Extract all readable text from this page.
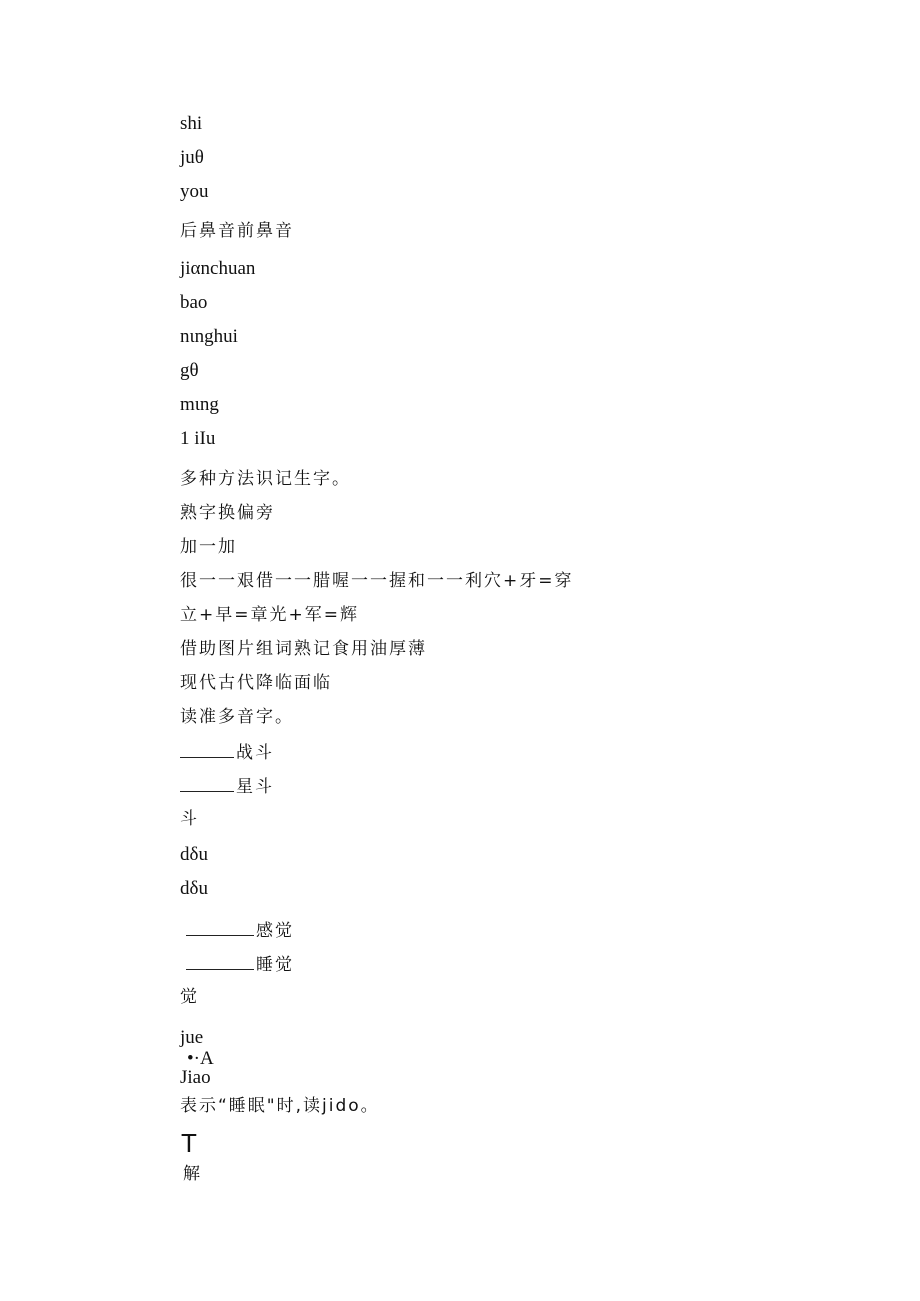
shi
juθ
you
后鼻音前鼻音
jiαnchuan
bao
nιnghui
gθ
mιng
1 iIu
多种方法识记生字。
熟字换偏旁
加一加
很一一艰借一一腊喔一一握和一一利穴+牙=穿
立+早=章光+军=辉
借助图片组词熟记食用油厚薄
现代古代降临面临
读准多音字。
战斗
星斗
斗
dδu
dδu
感觉
睡觉
觉
jue
•·A
Jiao
表示“睡眠"时,读jido。
T
解
